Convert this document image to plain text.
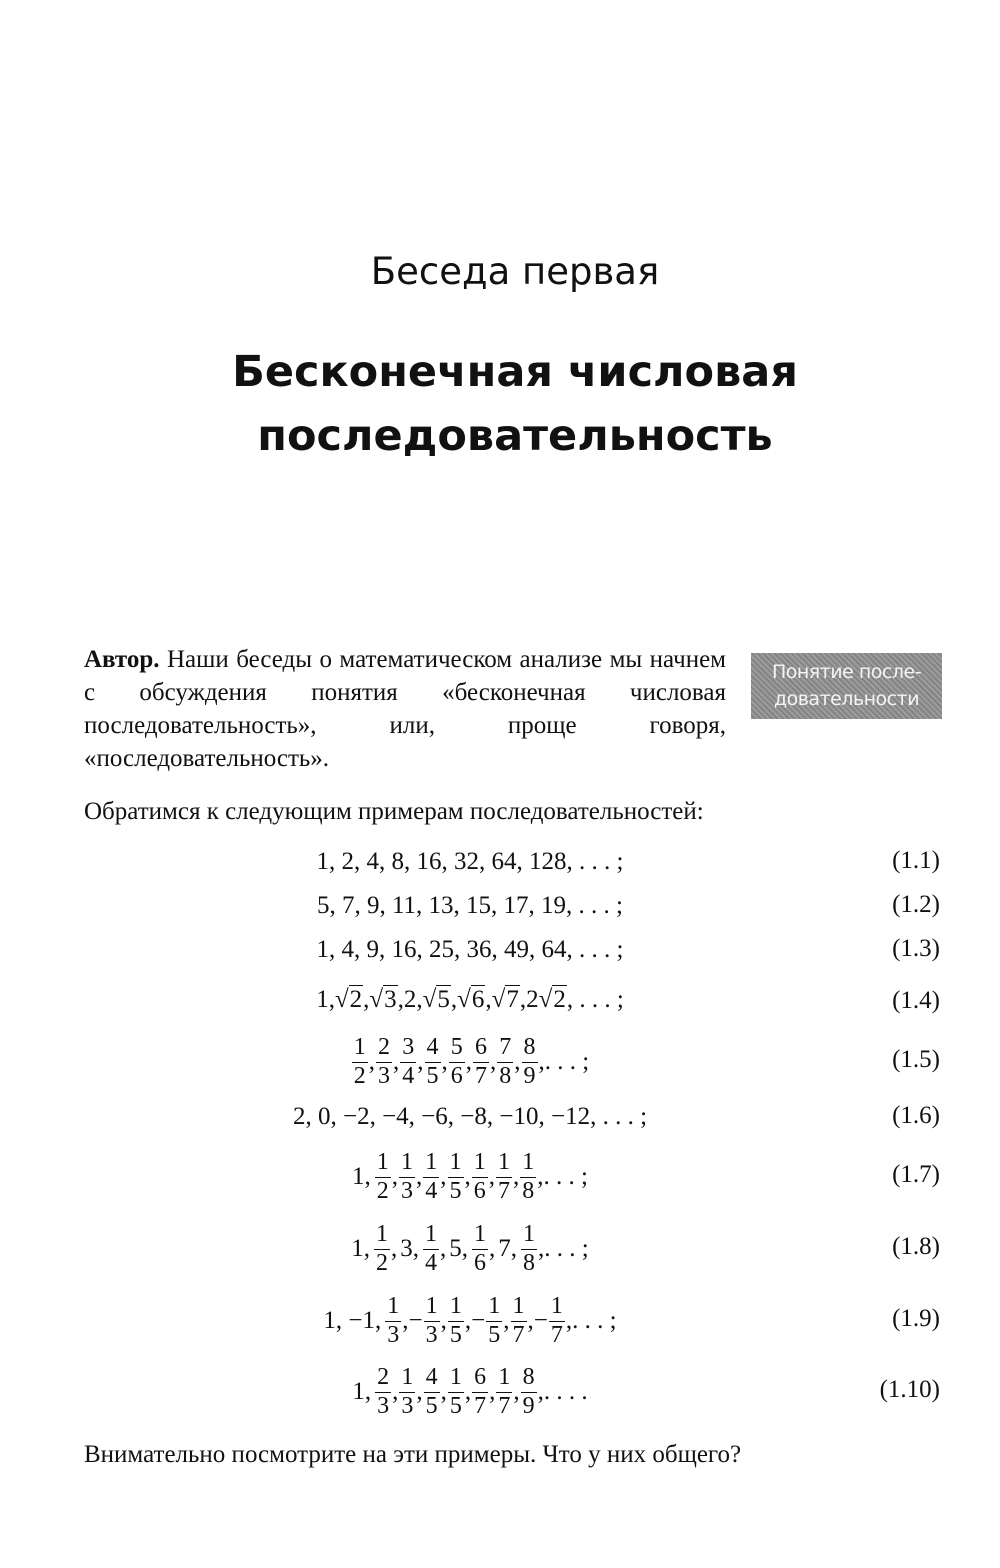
Беседа первая
Бесконечная числовая
последовательность
Автор. Наши беседы о математическом анализе мы начнем с обсуждения понятия «бесконечная числовая последовательность», или, проще говоря, «последовательность».
Понятие после-
довательности
Обратимся к следующим примерам последовательностей:
1, 2, 4, 8, 16, 32, 64, 128, . . . ;	(1.1)
5, 7, 9, 11, 13, 15, 17, 19, . . . ;	(1.2)
1, 4, 9, 16, 25, 36, 49, 64, . . . ;	(1.3)
1, √2 , √3 , 2 , √5 , √6 , √7 , 2 √2 , . . . ;	(1.4)
$\frac{1}{2}$ , $\frac{2}{3}$ , $\frac{3}{4}$ , $\frac{4}{5}$ , $\frac{5}{6}$ , $\frac{6}{7}$ , $\frac{7}{8}$ , $\frac{8}{9}$ , . . . ;	(1.5)
2, 0, −2, −4, −6, −8, −10, −12, . . . ;	(1.6)
1, $\frac{1}{2}$ , $\frac{1}{3}$ , $\frac{1}{4}$ , $\frac{1}{5}$ , $\frac{1}{6}$ , $\frac{1}{7}$ , $\frac{1}{8}$ , . . . ;	(1.7)
1, $\frac{1}{2}$ , 3, $\frac{1}{4}$ , 5, $\frac{1}{6}$ , 7, $\frac{1}{8}$ , . . . ;	(1.8)
1, −1, $\frac{1}{3}$ , − $\frac{1}{3}$ , $\frac{1}{5}$ , − $\frac{1}{5}$ , $\frac{1}{7}$ , − $\frac{1}{7}$ , . . . ;	(1.9)
1, $\frac{2}{3}$ , $\frac{1}{3}$ , $\frac{4}{5}$ , $\frac{1}{5}$ , $\frac{6}{7}$ , $\frac{1}{7}$ , $\frac{8}{9}$ , . . . .	(1.10)
Внимательно посмотрите на эти примеры. Что у них общего?
